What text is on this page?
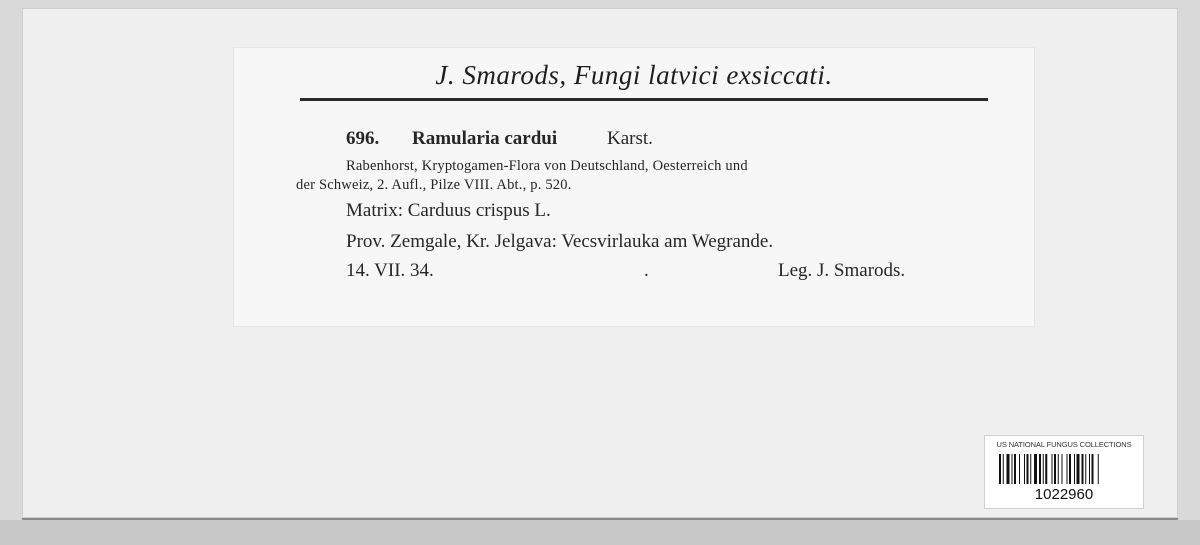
J. Smarods, Fungi latvici exsiccati.
696. Ramularia cardui	Karst.
Rabenhorst, Kryptogamen-Flora von Deutschland, Oesterreich und
der Schweiz, 2. Aufl., Pilze VIII. Abt., p. 520.
Matrix: Carduus crispus L.
Prov. Zemgale, Kr. Jelgava: Vecsvirlauka am Wegrande.
14. VII. 34.	.	Leg. J. Smarods.
US NATIONAL FUNGUS COLLECTIONS
1022960
